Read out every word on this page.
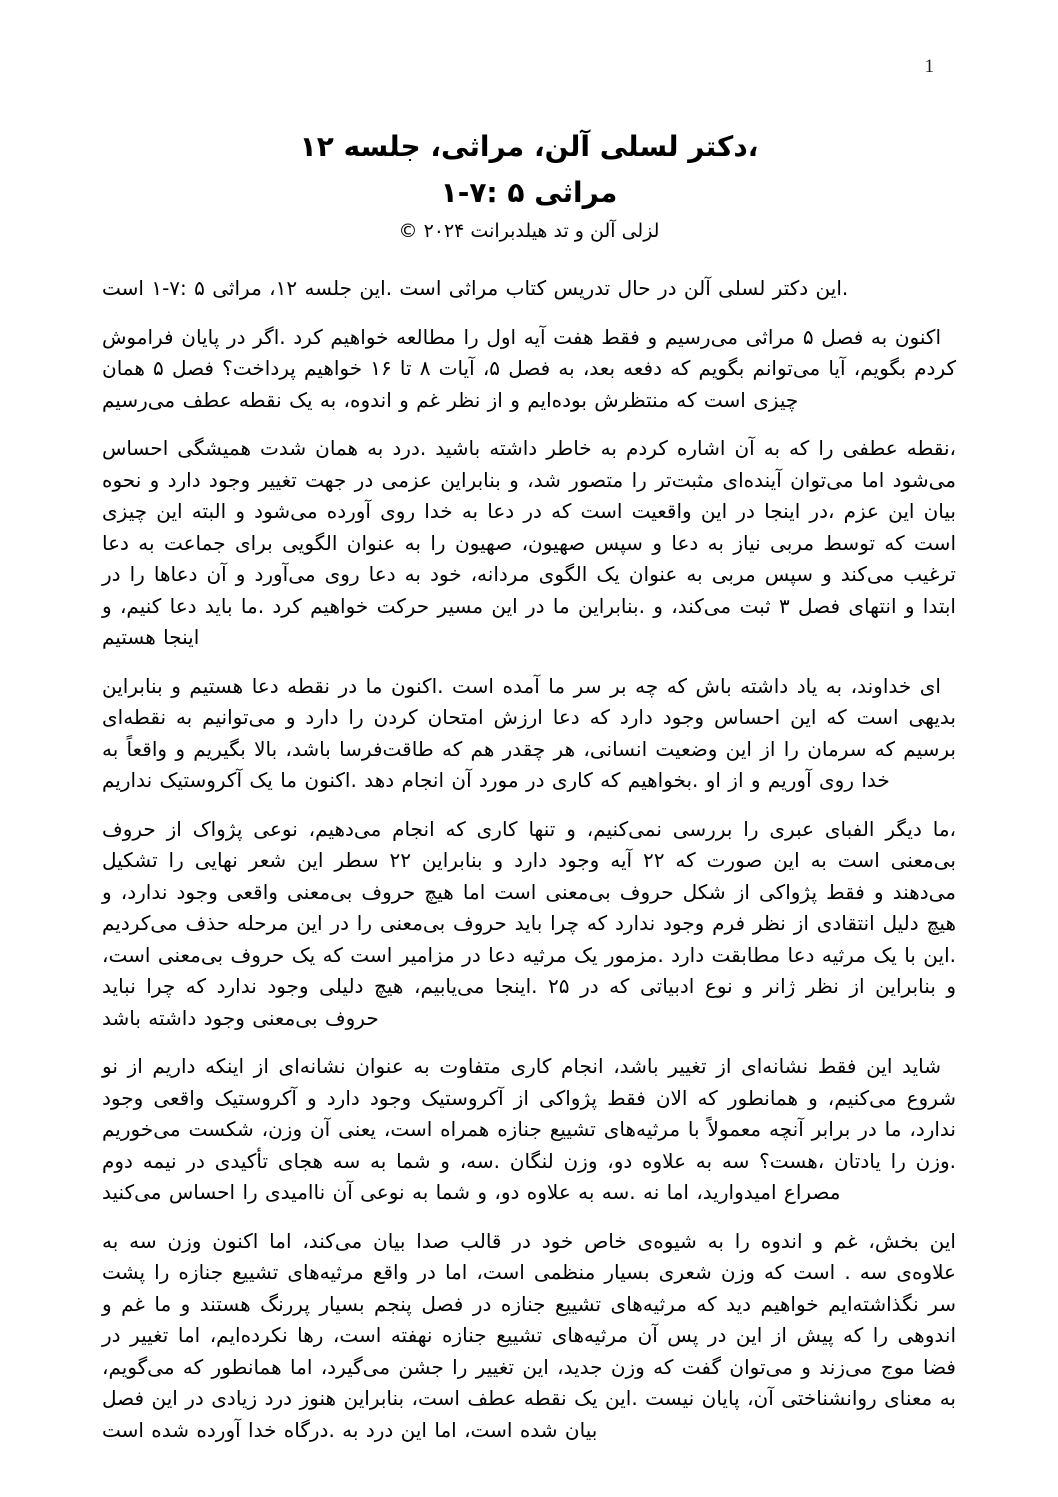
1
،دکتر لسلی آلن، مراثی، جلسه ۱۲
مراثی ۵ :۷-۱
لزلی آلن و تد هیلدبرانت ۲۰۲۴ ©

.این دکتر لسلی آلن در حال تدریس کتاب مراثی است .این جلسه ۱۲، مراثی ۵ :۷-۱ است

اکنون به فصل ۵ مراثی می‌رسیم و فقط هفت آیه اول را مطالعه خواهیم کرد .اگر در پایان فراموش کردم بگویم، آیا می‌توانم بگویم که دفعه بعد، به فصل ۵، آیات ۸ تا ۱۶ خواهیم پرداخت؟ فصل ۵ همان چیزی است که منتظرش بوده‌ایم و از نظر غم و اندوه، به یک نقطه عطف می‌رسیم

،نقطه عطفی را که به آن اشاره کردم به خاطر داشته باشید .درد به همان شدت همیشگی احساس می‌شود اما می‌توان آینده‌ای مثبت‌تر را متصور شد، و بنابراین عزمی در جهت تغییر وجود دارد و نحوه بیان این عزم ،در اینجا در این واقعیت است که در دعا به خدا روی آورده می‌شود و البته این چیزی است که توسط مربی نیاز به دعا و سپس صهیون، صهیون را به عنوان الگویی برای جماعت به دعا ترغیب می‌کند و سپس مربی به عنوان یک الگوی مردانه، خود به دعا روی می‌آورد و آن دعاها را در ابتدا و انتهای فصل ۳ ثبت می‌کند، و .بنابراین ما در این مسیر حرکت خواهیم کرد .ما باید دعا کنیم، و اینجا هستیم

ای خداوند، به یاد داشته باش که چه بر سر ما آمده است .اکنون ما در نقطه دعا هستیم و بنابراین بدیهی است که این احساس وجود دارد که دعا ارزش امتحان کردن را دارد و می‌توانیم به نقطه‌ای برسیم که سرمان را از این وضعیت انسانی، هر چقدر هم که طاقت‌فرسا باشد، بالا بگیریم و واقعاً به خدا روی آوریم و از او .بخواهیم که کاری در مورد آن انجام دهد .اکنون ما یک آکروستیک نداریم

،ما دیگر الفبای عبری را بررسی نمی‌کنیم، و تنها کاری که انجام می‌دهیم، نوعی پژواک از حروف بی‌معنی است به این صورت که ۲۲ آیه وجود دارد و بنابراین ۲۲ سطر این شعر نهایی را تشکیل می‌دهند و فقط پژواکی از شکل حروف بی‌معنی است اما هیچ حروف بی‌معنی واقعی وجود ندارد، و هیچ دلیل انتقادی از نظر فرم وجود ندارد که چرا باید حروف بی‌معنی را در این مرحله حذف می‌کردیم .این با یک مرثیه دعا مطابقت دارد .مزمور یک مرثیه دعا در مزامیر است که یک حروف بی‌معنی است، و بنابراین از نظر ژانر و نوع ادبیاتی که در ۲۵ .اینجا می‌یابیم، هیچ دلیلی وجود ندارد که چرا نباید حروف بی‌معنی وجود داشته باشد

شاید این فقط نشانه‌ای از تغییر باشد، انجام کاری متفاوت به عنوان نشانه‌ای از اینکه داریم از نو شروع می‌کنیم، و همانطور که الان فقط پژواکی از آکروستیک وجود دارد و آکروستیک واقعی وجود ندارد، ما در برابر آنچه معمولاً با مرثیه‌های تشییع جنازه همراه است، یعنی آن وزن، شکست می‌خوریم .وزن را یادتان ،هست؟ سه به علاوه دو، وزن لنگان .سه، و شما به سه هجای تأکیدی در نیمه دوم مصراع امیدوارید، اما نه .سه به علاوه دو، و شما به نوعی آن ناامیدی را احساس می‌کنید

این بخش، غم و اندوه را به شیوه‌ی خاص خود در قالب صدا بیان می‌کند، اما اکنون وزن سه به علاوه‌ی سه . است که وزن شعری بسیار منظمی است، اما در واقع مرثیه‌های تشییع جنازه را پشت سر نگذاشته‌ایم خواهیم دید که مرثیه‌های تشییع جنازه در فصل پنجم بسیار پررنگ هستند و ما غم و اندوهی را که پیش از این در پس آن مرثیه‌های تشییع جنازه نهفته است، رها نکرده‌ایم، اما تغییر در فضا موج می‌زند و می‌توان گفت که وزن جدید، این تغییر را جشن می‌گیرد، اما همانطور که می‌گویم، به معنای روانشناختی آن، پایان نیست .این یک نقطه عطف است، بنابراین هنوز درد زیادی در این فصل بیان شده است، اما این درد به .درگاه خدا آورده شده است
